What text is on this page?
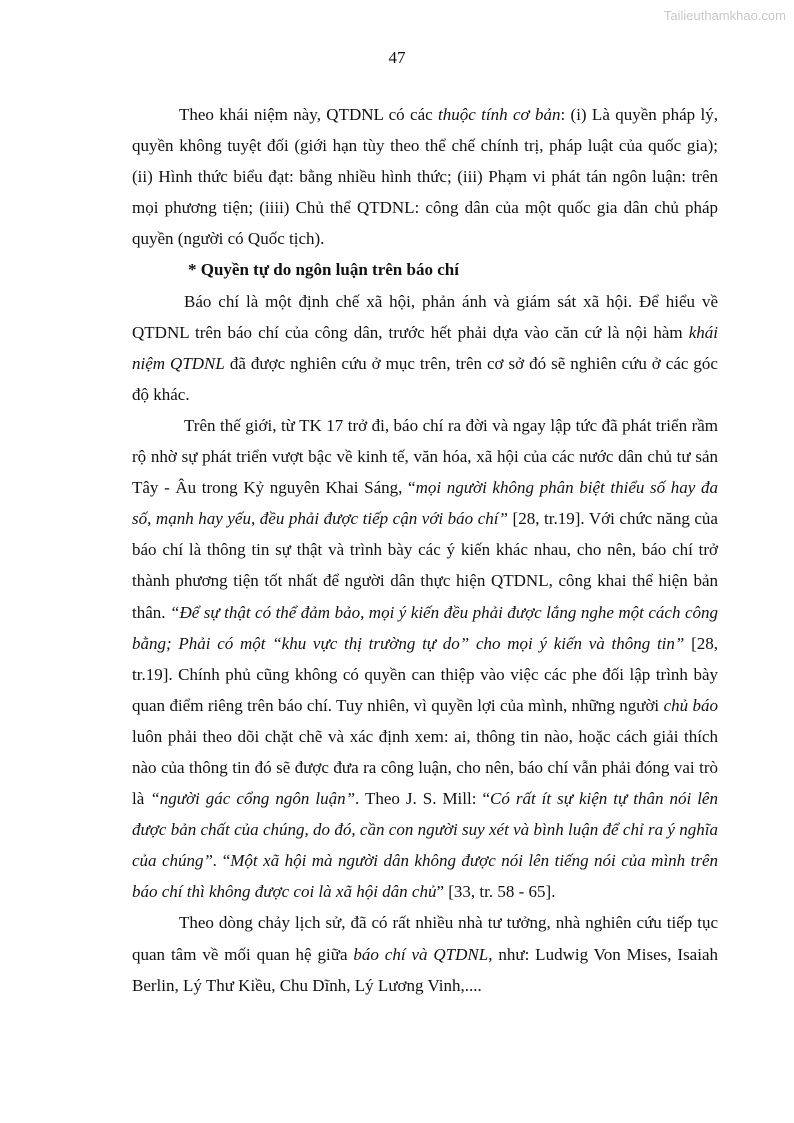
Tailieuthamkhao.com
47

Theo khái niệm này, QTDNL có các thuộc tính cơ bản: (i) Là quyền pháp lý, quyền không tuyệt đối (giới hạn tùy theo thể chế chính trị, pháp luật của quốc gia); (ii) Hình thức biểu đạt: bằng nhiều hình thức; (iii) Phạm vi phát tán ngôn luận: trên mọi phương tiện; (iiii) Chủ thể QTDNL: công dân của một quốc gia dân chủ pháp quyền (người có Quốc tịch).

* Quyền tự do ngôn luận trên báo chí

Báo chí là một định chế xã hội, phản ánh và giám sát xã hội. Để hiểu về QTDNL trên báo chí của công dân, trước hết phải dựa vào căn cứ là nội hàm khái niệm QTDNL đã được nghiên cứu ở mục trên, trên cơ sở đó sẽ nghiên cứu ở các góc độ khác.

Trên thế giới, từ TK 17 trở đi, báo chí ra đời và ngay lập tức đã phát triển rầm rộ nhờ sự phát triển vượt bậc về kinh tế, văn hóa, xã hội của các nước dân chủ tư sản Tây - Âu trong Kỷ nguyên Khai Sáng, “mọi người không phân biệt thiểu số hay đa số, mạnh hay yếu, đều phải được tiếp cận với báo chí” [28, tr.19]. Với chức năng của báo chí là thông tin sự thật và trình bày các ý kiến khác nhau, cho nên, báo chí trở thành phương tiện tốt nhất để người dân thực hiện QTDNL, công khai thể hiện bản thân. “Để sự thật có thể đảm bảo, mọi ý kiến đều phải được lắng nghe một cách công bằng; Phải có một “khu vực thị trường tự do” cho mọi ý kiến và thông tin” [28, tr.19]. Chính phủ cũng không có quyền can thiệp vào việc các phe đối lập trình bày quan điểm riêng trên báo chí. Tuy nhiên, vì quyền lợi của mình, những người chủ báo luôn phải theo dõi chặt chẽ và xác định xem: ai, thông tin nào, hoặc cách giải thích nào của thông tin đó sẽ được đưa ra công luận, cho nên, báo chí vẫn phải đóng vai trò là “người gác cổng ngôn luận”. Theo J. S. Mill: “Có rất ít sự kiện tự thân nói lên được bản chất của chúng, do đó, cần con người suy xét và bình luận để chỉ ra ý nghĩa của chúng”. “Một xã hội mà người dân không được nói lên tiếng nói của mình trên báo chí thì không được coi là xã hội dân chủ” [33, tr. 58 - 65].

Theo dòng chảy lịch sử, đã có rất nhiều nhà tư tưởng, nhà nghiên cứu tiếp tục quan tâm về mối quan hệ giữa báo chí và QTDNL, như: Ludwig Von Mises, Isaiah Berlin, Lý Thư Kiều, Chu Dĩnh, Lý Lương Vinh,....
